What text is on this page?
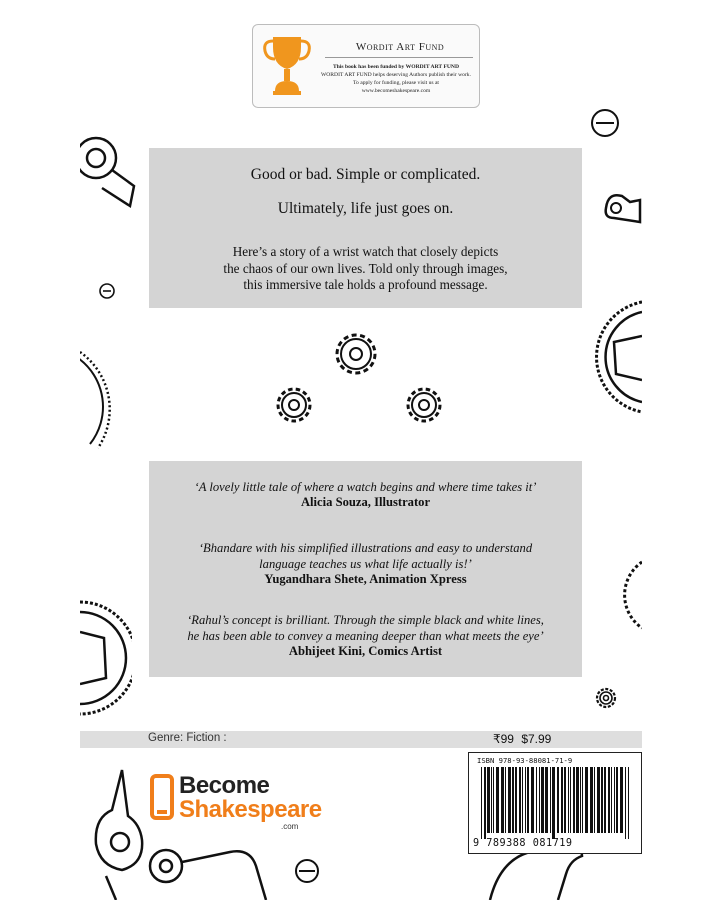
Wordit Art Fund
This book has been funded by WORDIT ART FUND
WORDIT ART FUND helps deserving Authors publish their work.
To apply for funding, please visit us at
www.becomeshakespeare.com
Good or bad. Simple or complicated.
Ultimately, life just goes on.
Here’s a story of a wrist watch that closely depicts
the chaos of our own lives. Told only through images,
this immersive tale holds a profound message.
‘A lovely little tale of where a watch begins and where time takes it’
Alicia Souza, Illustrator
‘Bhandare with his simplified illustrations and easy to understand
language teaches us what life actually is!’
Yugandhara Shete, Animation Xpress
‘Rahul’s concept is brilliant. Through the simple black and white lines,
he has been able to convey a meaning deeper than what meets the eye’
Abhijeet Kini, Comics Artist
Genre: Fiction :	₹99 $7.99
Become
Shakespeare
.com
ISBN 978-93-88081-71-9
9 789388 081719
